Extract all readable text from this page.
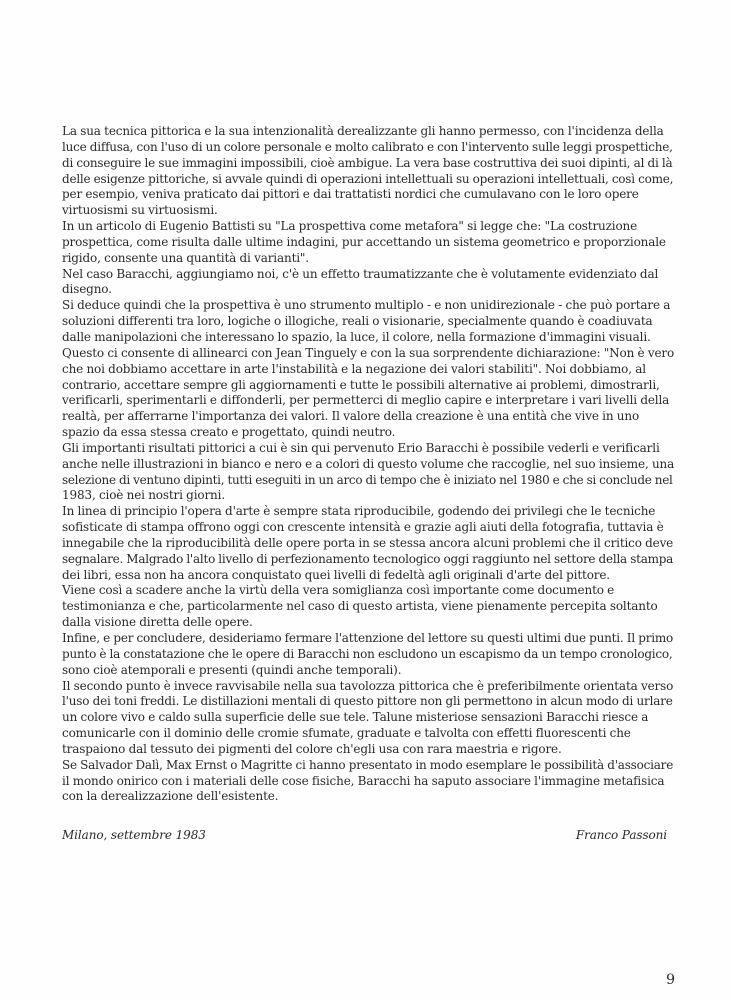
La sua tecnica pittorica e la sua intenzionalità derealizzante gli hanno permesso, con l'incidenza della
luce diffusa, con l'uso di un colore personale e molto calibrato e con l'intervento sulle leggi prospettiche,
di conseguire le sue immagini impossibili, cioè ambigue. La vera base costruttiva dei suoi dipinti, al di là
delle esigenze pittoriche, si avvale quindi di operazioni intellettuali su operazioni intellettuali, così come,
per esempio, veniva praticato dai pittori e dai trattatisti nordici che cumulavano con le loro opere
virtuosismi su virtuosismi.
In un articolo di Eugenio Battisti su "La prospettiva come metafora" si legge che: "La costruzione
prospettica, come risulta dalle ultime indagini, pur accettando un sistema geometrico e proporzionale
rigido, consente una quantità di varianti".
Nel caso Baracchi, aggiungiamo noi, c'è un effetto traumatizzante che è volutamente evidenziato dal
disegno.
Si deduce quindi che la prospettiva è uno strumento multiplo - e non unidirezionale - che può portare a
soluzioni differenti tra loro, logiche o illogiche, reali o visionarie, specialmente quando è coadiuvata
dalle manipolazioni che interessano lo spazio, la luce, il colore, nella formazione d'immagini visuali.
Questo ci consente di allinearci con Jean Tinguely e con la sua sorprendente dichiarazione: "Non è vero
che noi dobbiamo accettare in arte l'instabilità e la negazione dei valori stabiliti". Noi dobbiamo, al
contrario, accettare sempre gli aggiornamenti e tutte le possibili alternative ai problemi, dimostrarli,
verificarli, sperimentarli e diffonderli, per permetterci di meglio capire e interpretare i vari livelli della
realtà, per afferrarne l'importanza dei valori. Il valore della creazione è una entità che vive in uno
spazio da essa stessa creato e progettato, quindi neutro.
Gli importanti risultati pittorici a cui è sin qui pervenuto Erio Baracchi è possibile vederli e verificarli
anche nelle illustrazioni in bianco e nero e a colori di questo volume che raccoglie, nel suo insieme, una
selezione di ventuno dipinti, tutti eseguiti in un arco di tempo che è iniziato nel 1980 e che si conclude nel
1983, cioè nei nostri giorni.
In linea di principio l'opera d'arte è sempre stata riproducibile, godendo dei privilegi che le tecniche
sofisticate di stampa offrono oggi con crescente intensità e grazie agli aiuti della fotografia, tuttavia è
innegabile che la riproducibilità delle opere porta in se stessa ancora alcuni problemi che il critico deve
segnalare. Malgrado l'alto livello di perfezionamento tecnologico oggi raggiunto nel settore della stampa
dei libri, essa non ha ancora conquistato quei livelli di fedeltà agli originali d'arte del pittore.
Viene così a scadere anche la virtù della vera somiglianza così importante come documento e
testimonianza e che, particolarmente nel caso di questo artista, viene pienamente percepita soltanto
dalla visione diretta delle opere.
Infine, e per concludere, desideriamo fermare l'attenzione del lettore su questi ultimi due punti. Il primo
punto è la constatazione che le opere di Baracchi non escludono un escapismo da un tempo cronologico,
sono cioè atemporali e presenti (quindi anche temporali).
Il secondo punto è invece ravvisabile nella sua tavolozza pittorica che è preferibilmente orientata verso
l'uso dei toni freddi. Le distillazioni mentali di questo pittore non gli permettono in alcun modo di urlare
un colore vivo e caldo sulla superficie delle sue tele. Talune misteriose sensazioni Baracchi riesce a
comunicarle con il dominio delle cromie sfumate, graduate e talvolta con effetti fluorescenti che
traspaiono dal tessuto dei pigmenti del colore ch'egli usa con rara maestria e rigore.
Se Salvador Dalì, Max Ernst o Magritte ci hanno presentato in modo esemplare le possibilità d'associare
il mondo onirico con i materiali delle cose fisiche, Baracchi ha saputo associare l'immagine metafisica
con la derealizzazione dell'esistente.
Milano, settembre 1983	Franco Passoni
9
